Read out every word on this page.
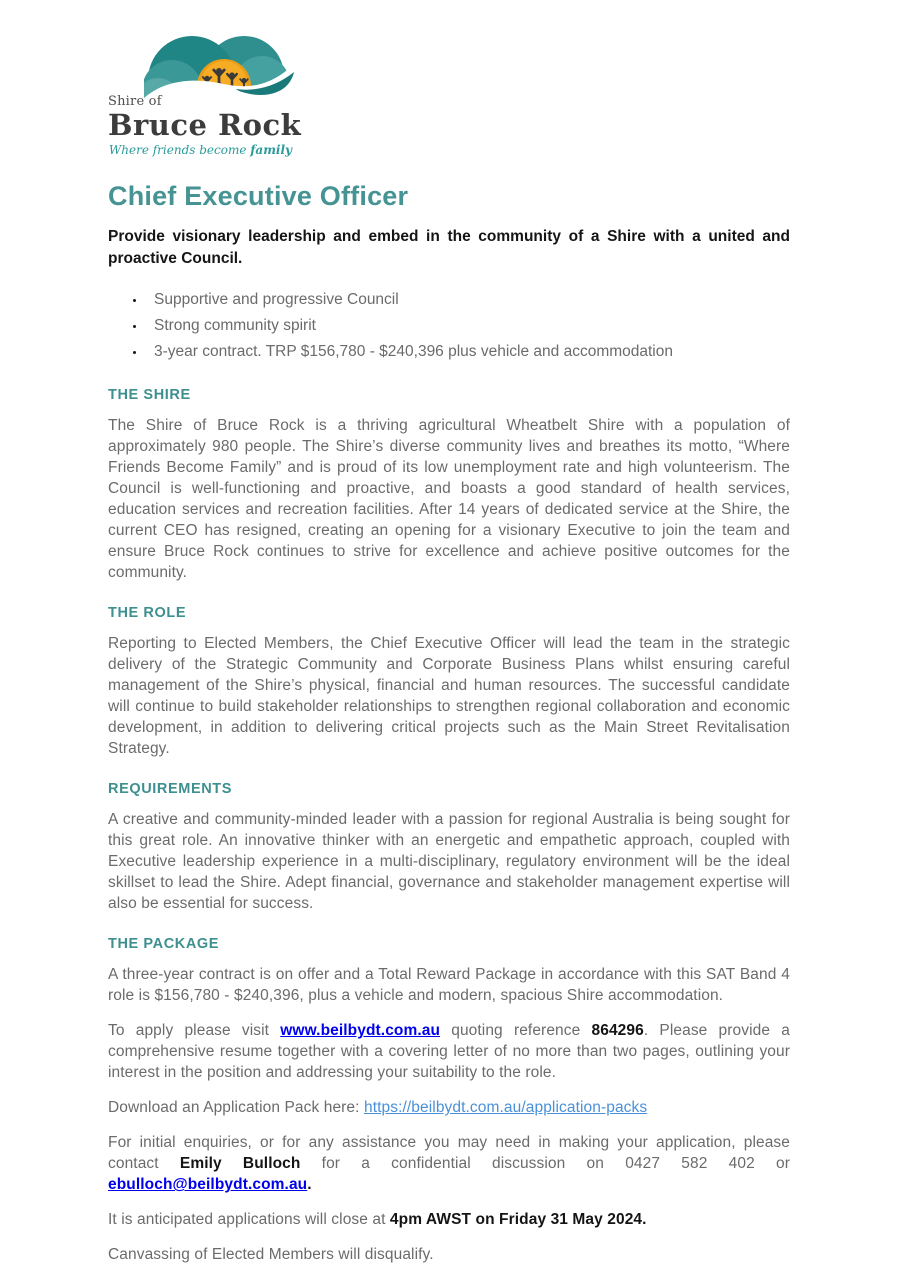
Shire of
Bruce Rock
Where friends become family
Chief Executive Officer

Provide visionary leadership and embed in the community of a Shire with a united and proactive Council.

• Supportive and progressive Council
• Strong community spirit
• 3-year contract. TRP $156,780 - $240,396 plus vehicle and accommodation
THE SHIRE

The Shire of Bruce Rock is a thriving agricultural Wheatbelt Shire with a population of approximately 980 people. The Shire’s diverse community lives and breathes its motto, “Where Friends Become Family” and is proud of its low unemployment rate and high volunteerism. The Council is well-functioning and proactive, and boasts a good standard of health services, education services and recreation facilities. After 14 years of dedicated service at the Shire, the current CEO has resigned, creating an opening for a visionary Executive to join the team and ensure Bruce Rock continues to strive for excellence and achieve positive outcomes for the community.

THE ROLE

Reporting to Elected Members, the Chief Executive Officer will lead the team in the strategic delivery of the Strategic Community and Corporate Business Plans whilst ensuring careful management of the Shire’s physical, financial and human resources. The successful candidate will continue to build stakeholder relationships to strengthen regional collaboration and economic development, in addition to delivering critical projects such as the Main Street Revitalisation Strategy.

REQUIREMENTS

A creative and community-minded leader with a passion for regional Australia is being sought for this great role. An innovative thinker with an energetic and empathetic approach, coupled with Executive leadership experience in a multi-disciplinary, regulatory environment will be the ideal skillset to lead the Shire. Adept financial, governance and stakeholder management expertise will also be essential for success.

THE PACKAGE

A three-year contract is on offer and a Total Reward Package in accordance with this SAT Band 4 role is $156,780 - $240,396, plus a vehicle and modern, spacious Shire accommodation.

To apply please visit www.beilbydt.com.au quoting reference 864296. Please provide a comprehensive resume together with a covering letter of no more than two pages, outlining your interest in the position and addressing your suitability to the role.

Download an Application Pack here: https://beilbydt.com.au/application-packs

For initial enquiries, or for any assistance you may need in making your application, please contact Emily Bulloch for a confidential discussion on 0427 582 402 or ebulloch@beilbydt.com.au.

It is anticipated applications will close at 4pm AWST on Friday 31 May 2024.

Canvassing of Elected Members will disqualify.
